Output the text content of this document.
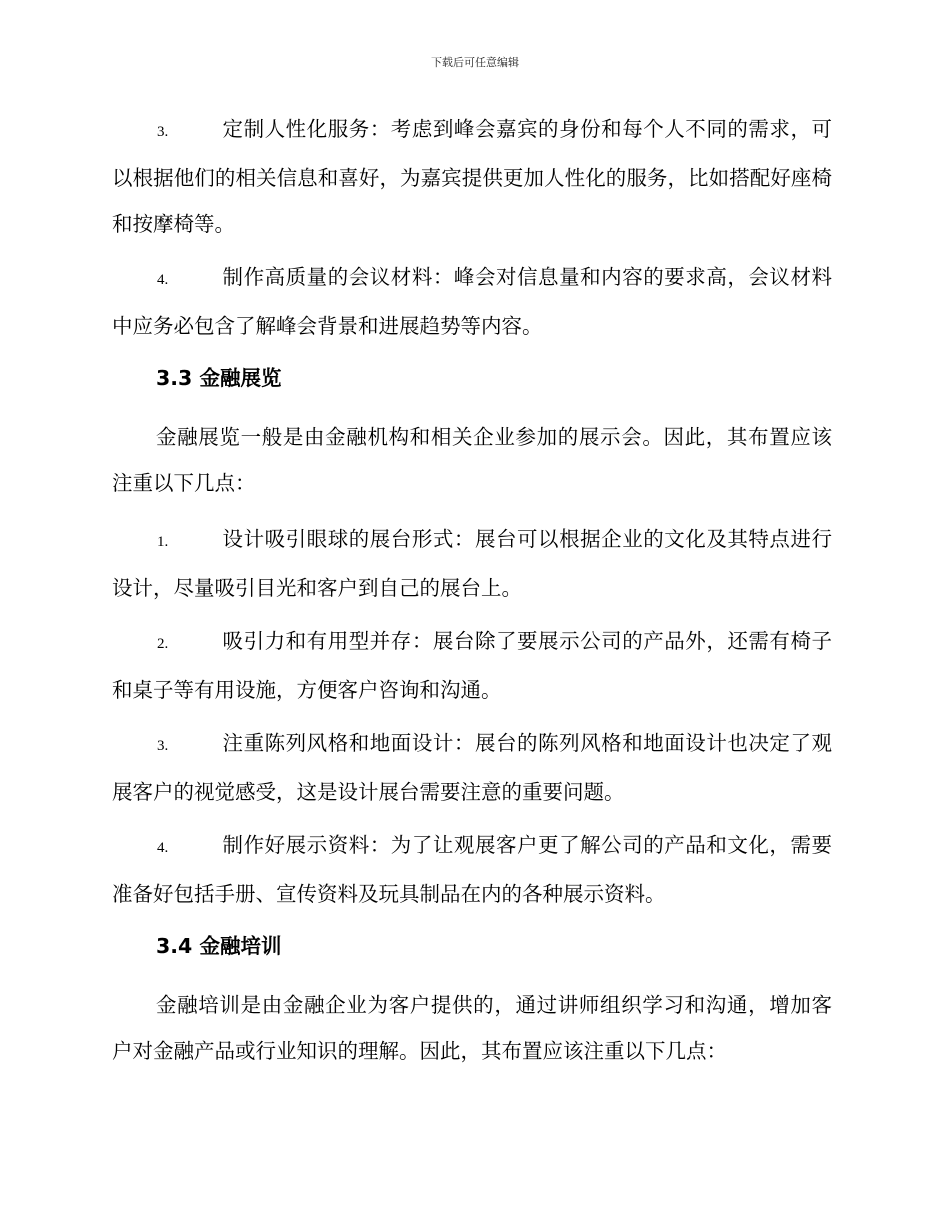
下载后可任意编辑
3.	定制人性化服务：考虑到峰会嘉宾的身份和每个人不同的需求，可以根据他们的相关信息和喜好，为嘉宾提供更加人性化的服务，比如搭配好座椅和按摩椅等。
4.	制作高质量的会议材料：峰会对信息量和内容的要求高，会议材料中应务必包含了解峰会背景和进展趋势等内容。
3.3 金融展览
金融展览一般是由金融机构和相关企业参加的展示会。因此，其布置应该注重以下几点：
1.	设计吸引眼球的展台形式：展台可以根据企业的文化及其特点进行设计，尽量吸引目光和客户到自己的展台上。
2.	吸引力和有用型并存：展台除了要展示公司的产品外，还需有椅子和桌子等有用设施，方便客户咨询和沟通。
3.	注重陈列风格和地面设计：展台的陈列风格和地面设计也决定了观展客户的视觉感受，这是设计展台需要注意的重要问题。
4.	制作好展示资料：为了让观展客户更了解公司的产品和文化，需要准备好包括手册、宣传资料及玩具制品在内的各种展示资料。
3.4 金融培训
金融培训是由金融企业为客户提供的，通过讲师组织学习和沟通，增加客户对金融产品或行业知识的理解。因此，其布置应该注重以下几点：
